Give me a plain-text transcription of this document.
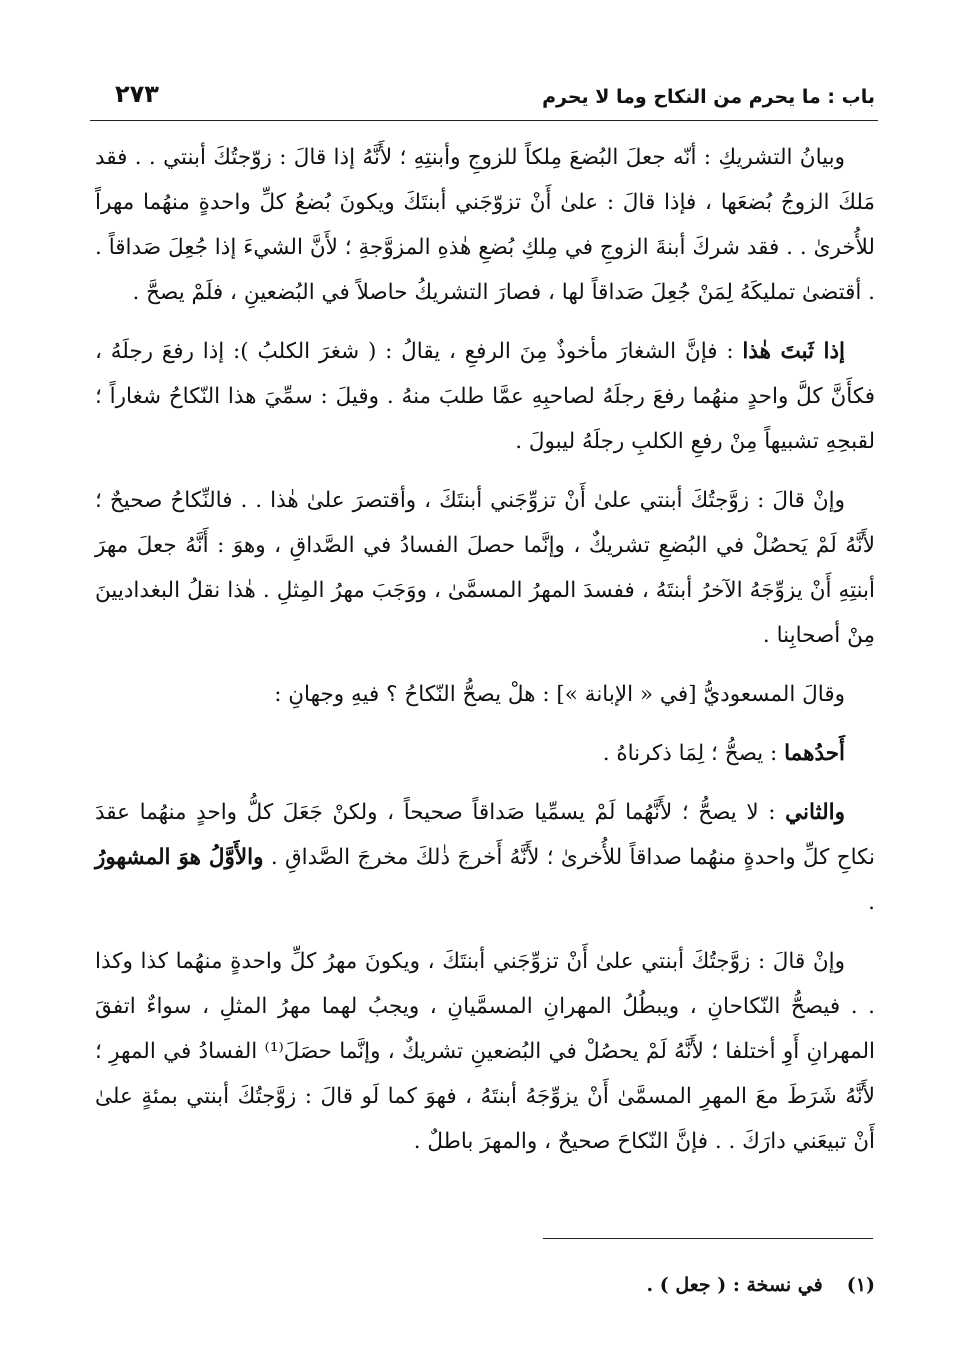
باب : ما يحرم من النكاح وما لا يحرم
٢٧٣

وبيانُ التشريكِ : أنّه جعلَ البُضعَ مِلكاً للزوجِ وأبنتِهِ ؛ لأَنَّهُ إذا قالَ : زوّجتُكَ أبنتي . . فقد مَلكَ الزوجُ بُضعَها ، فإذا قالَ : علىٰ أَنْ تزوّجَني أبنتَكَ ويكونَ بُضعُ كلِّ واحدةٍ منهُما مهراً للأُخرىٰ . . فقد شركَ أبنةَ الزوجِ في مِلكِ بُضعِ هٰذهِ المزوَّجةِ ؛ لأَنَّ الشيءَ إذا جُعِلَ صَداقاً . . أقتضىٰ تمليكَهُ لِمَنْ جُعِلَ صَداقاً لها ، فصارَ التشريكُ حاصلاً في البُضعينِ ، فلَمْ يصحَّ .

إذا ثَبتَ هٰذا : فإنَّ الشغارَ مأخوذٌ مِنَ الرفعِ ، يقالُ : ( شغرَ الكلبُ ): إذا رفعَ رجلَهُ ، فكأَنَّ كلَّ واحدٍ منهُما رفعَ رجلَهُ لصاحبِهِ عمَّا طلبَ منهُ . وقيلَ : سمِّيَ هذا النّكاحُ شغاراً ؛ لقبحِهِ تشبيهاً مِنْ رفعِ الكلبِ رجلَهُ ليبولَ .

وإنْ قالَ : زوَّجتُكَ أبنتي علىٰ أَنْ تزوِّجَني أبنتَكَ ، وأقتصرَ علىٰ هٰذا . . فالنِّكاحُ صحيحٌ ؛ لأَنَّهُ لَمْ يَحصُلْ في البُضعِ تشريكٌ ، وإنَّما حصلَ الفسادُ في الصَّداقِ ، وهوَ : أَنَّهُ جعلَ مهرَ أبنتِهِ أَنْ يزوِّجَهُ الآخرُ أبنتَهُ ، ففسدَ المهرُ المسمَّىٰ ، ووَجَبَ مهرُ المِثلِ . هٰذا نقلُ البغداديينَ مِنْ أصحابِنا .

وقالَ المسعوديُّ [في « الإبانة »] : هلْ يصحُّ النّكاحُ ؟ فيهِ وجهانِ :

أَحدُهما : يصحُّ ؛ لِمَا ذكرناهُ .

والثاني : لا يصحُّ ؛ لأَنَّهُما لَمْ يسمِّيا صَداقاً صحيحاً ، ولكنْ جَعَلَ كلُّ واحدٍ منهُما عقدَ نكاحِ كلِّ واحدةٍ منهُما صداقاً للأُخرىٰ ؛ لأَنَّهُ أَخرجَ ذٰلكَ مخرجَ الصَّداقِ . والأَوَّلُ هوَ المشهورُ .

وإنْ قالَ : زوَّجتُكَ أبنتي علىٰ أَنْ تزوِّجَني أبنتَكَ ، ويكونَ مهرُ كلِّ واحدةٍ منهُما كذا وكذا . . فيصحُّ النّكاحانِ ، ويبطُلُ المهرانِ المسمَّيانِ ، ويجبُ لهما مهرُ المثلِ ، سواءٌ اتفقَ المهرانِ أَوِ أختلفا ؛ لأَنَّهُ لَمْ يحصُلْ في البُضعينِ تشريكٌ ، وإنَّما حصَلَ⁽¹⁾ الفسادُ في المهرِ ؛ لأَنَّهُ شَرَطَ معَ المهرِ المسمَّىٰ أَنْ يزوِّجَهُ أبنتَهُ ، فهوَ كما لَو قالَ : زوَّجتُكَ أبنتي بمئةٍ علىٰ أَنْ تبيعَني دارَكَ . . فإنَّ النّكاحَ صحيحٌ ، والمهرَ باطلٌ .

(١) في نسخة : ( جعل ) .
